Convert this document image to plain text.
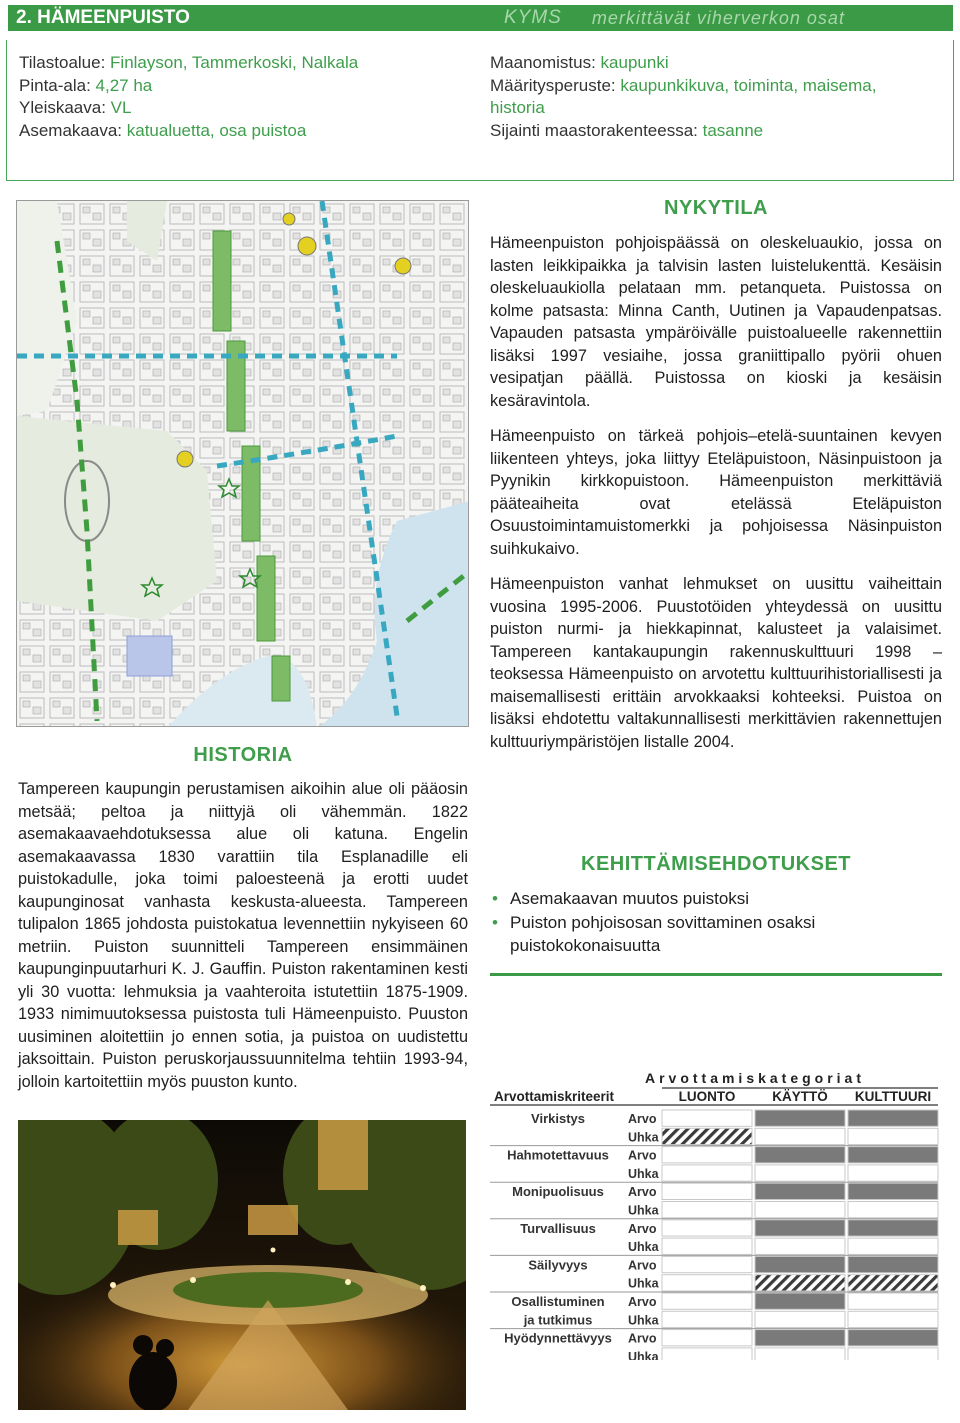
2. HÄMEENPUISTO	KYMS merkittävät viherverkon osat
Tilastoalue: Finlayson, Tammerkoski, Nalkala
Pinta-ala: 4,27 ha
Yleiskaava: VL
Asemakaava: katualuetta, osa puistoa
Maanomistus: kaupunki
Määritysperuste: kaupunkikuva, toiminta, maisema,
historia
Sijainti maastorakenteessa: tasanne
NYKYTILA

Hämeenpuiston pohjoispäässä on oleskeluaukio, jossa on lasten leikkipaikka ja talvisin lasten luistelukenttä. Kesäisin oleskeluaukiolla pelataan mm. petanqueta. Puistossa on kolme patsasta: Minna Canth, Uutinen ja Vapaudenpatsas. Vapauden patsasta ympäröivälle puistoalueelle rakennettiin lisäksi 1997 vesiaihe, jossa graniittipallo pyörii ohuen vesipatjan päällä. Puistossa on kioski ja kesäisin kesäravintola.

Hämeenpuisto on tärkeä pohjois–etelä-suuntainen kevyen liikenteen yhteys, joka liittyy Eteläpuistoon, Näsinpuistoon ja Pyynikin kirkkopuistoon. Hämeenpuiston merkittäviä pääteaiheita ovat etelässä Eteläpuiston Osuustoimintamuistomerkki ja pohjoisessa Näsinpuiston suihkukaivo.

Hämeenpuiston vanhat lehmukset on uusittu vaiheittain vuosina 1995-2006. Puustotöiden yhteydessä on uusittu puiston nurmi- ja hiekkapinnat, kalusteet ja valaisimet. Tampereen kantakaupungin rakennuskulttuuri 1998 –teoksessa Hämeenpuisto on arvotettu kulttuurihistoriallisesti ja maisemallisesti erittäin arvokkaaksi kohteeksi. Puistoa on lisäksi ehdotettu valtakunnallisesti merkittävien rakennettujen kulttuuriympäristöjen listalle 2004.

HISTORIA

Tampereen kaupungin perustamisen aikoihin alue oli pääosin metsää; peltoa ja niittyjä oli vähemmän. 1822 asemakaavaehdotuksessa alue oli katuna. Engelin asemakaavassa 1830 varattiin tila Esplanadille eli puistokadulle, joka toimi paloesteenä ja erotti uudet kaupunginosat vanhasta keskusta-alueesta. Tampereen tulipalon 1865 johdosta puistokatua levennettiin nykyiseen 60 metriin. Puiston suunnitteli Tampereen ensimmäinen kaupunginpuutarhuri K. J. Gauffin. Puiston rakentaminen kesti yli 30 vuotta: lehmuksia ja vaahteroita istutettiin 1875-1909. 1933 nimimuutoksessa puistosta tuli Hämeenpuisto. Puuston uusiminen aloitettiin jo ennen sotia, ja puistoa on uudistettu jaksoittain. Puiston peruskorjaussuunnitelma tehtiin 1993-94, jolloin kartoitettiin myös puuston kunto.

KEHITTÄMISEHDOTUKSET
• Asemakaavan muutos puistoksi
• Puiston pohjoisosan sovittaminen osaksi puistokokonaisuutta
Arvottamiskategoriat
Arvottamiskriteerit	LUONTO	KÄYTTÖ KULTTUURI
Virkistys	Arvo
Uhka
Hahmotettavuus Arvo
Uhka
Monipuolisuus Arvo
Uhka
Turvallisuus	Arvo
Uhka
Säilyvyys	Arvo
Uhka
Osallistuminen
ja tutkimus
Arvo
Uhka
Hyödynnettävyys Arvo
Uhka
